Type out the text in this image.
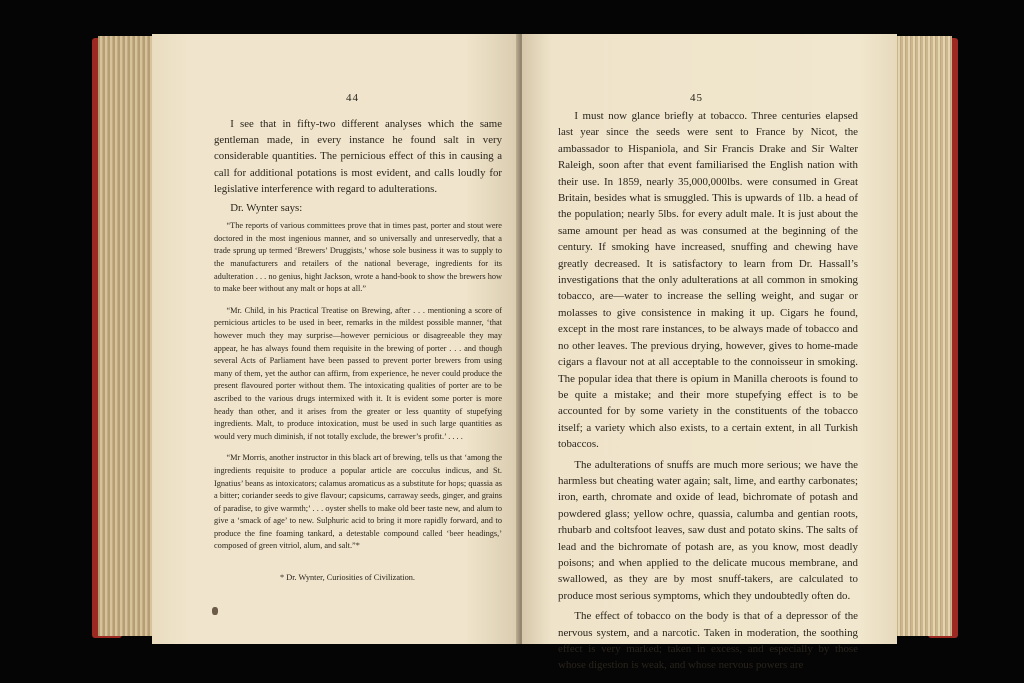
44

I see that in fifty-two different analyses which the same gentleman made, in every instance he found salt in very considerable quantities. The pernicious effect of this in causing a call for additional potations is most evident, and calls loudly for legislative interference with regard to adulterations.

Dr. Wynter says:

“The reports of various committees prove that in times past, porter and stout were doctored in the most ingenious manner, and so universally and unreservedly, that a trade sprung up termed ‘Brewers’ Druggists,’ whose sole business it was to supply to the manufacturers and retailers of the national beverage, ingredients for its adulteration . . . no genius, hight Jackson, wrote a hand-book to show the brewers how to make beer without any malt or hops at all.”

“Mr. Child, in his Practical Treatise on Brewing, after . . . mentioning a score of pernicious articles to be used in beer, remarks in the mildest possible manner, ‘that however much they may surprise—however pernicious or disagreeable they may appear, he has always found them requisite in the brewing of porter . . . and though several Acts of Parliament have been passed to prevent porter brewers from using many of them, yet the author can affirm, from experience, he never could produce the present flavoured porter without them. The intoxicating qualities of porter are to be ascribed to the various drugs intermixed with it. It is evident some porter is more heady than other, and it arises from the greater or less quantity of stupefying ingredients. Malt, to produce intoxication, must be used in such large quantities as would very much diminish, if not totally exclude, the brewer’s profit.’ . . . .

“Mr Morris, another instructor in this black art of brewing, tells us that ‘among the ingredients requisite to produce a popular article are cocculus indicus, and St. Ignatius’ beans as intoxicators; calamus aromaticus as a substitute for hops; quassia as a bitter; coriander seeds to give flavour; capsicums, carraway seeds, ginger, and grains of paradise, to give warmth;’ . . . oyster shells to make old beer taste new, and alum to give a ‘smack of age’ to new. Sulphuric acid to bring it more rapidly forward, and to produce the fine foaming tankard, a detestable compound called ‘beer headings,’ composed of green vitriol, alum, and salt.”*

* Dr. Wynter, Curiosities of Civilization.
45

I must now glance briefly at tobacco. Three centuries elapsed last year since the seeds were sent to France by Nicot, the ambassador to Hispaniola, and Sir Francis Drake and Sir Walter Raleigh, soon after that event familiarised the English nation with their use. In 1859, nearly 35,000,000lbs. were consumed in Great Britain, besides what is smuggled. This is upwards of 1lb. a head of the population; nearly 5lbs. for every adult male. It is just about the same amount per head as was consumed at the beginning of the century. If smoking have increased, snuffing and chewing have greatly decreased. It is satisfactory to learn from Dr. Hassall’s investigations that the only adulterations at all common in smoking tobacco, are—water to increase the selling weight, and sugar or molasses to give consistence in making it up. Cigars he found, except in the most rare instances, to be always made of tobacco and no other leaves. The previous drying, however, gives to home-made cigars a flavour not at all acceptable to the connoisseur in smoking. The popular idea that there is opium in Manilla cheroots is found to be quite a mistake; and their more stupefying effect is to be accounted for by some variety in the constituents of the tobacco itself; a variety which also exists, to a certain extent, in all Turkish tobaccos.

The adulterations of snuffs are much more serious; we have the harmless but cheating water again; salt, lime, and earthy carbonates; iron, earth, chromate and oxide of lead, bichromate of potash and powdered glass; yellow ochre, quassia, calumba and gentian roots, rhubarb and coltsfoot leaves, saw dust and potato skins. The salts of lead and the bichromate of potash are, as you know, most deadly poisons; and when applied to the delicate mucous membrane, and swallowed, as they are by most snuff-takers, are calculated to produce most serious symptoms, which they undoubtedly often do.

The effect of tobacco on the body is that of a depressor of the nervous system, and a narcotic. Taken in moderation, the soothing effect is very marked; taken in excess, and especially by those whose digestion is weak, and whose nervous powers are
